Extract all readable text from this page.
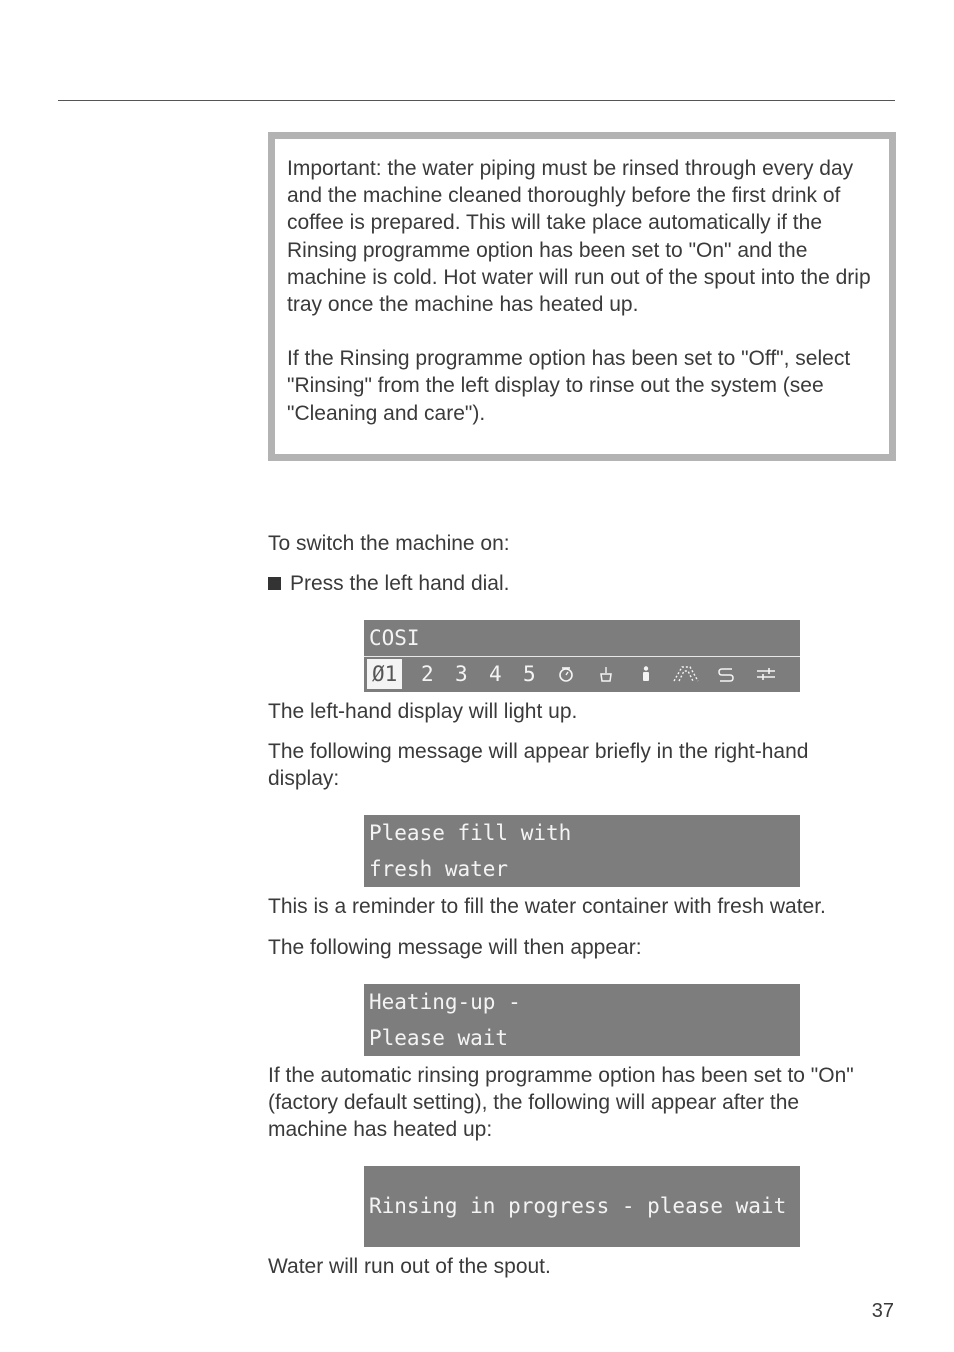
Important: the water piping must be rinsed through every day and the machine cleaned thoroughly before the first drink of coffee is prepared. This will take place automatically if the Rinsing programme option has been set to "On" and the machine is cold. Hot water will run out of the spout into the drip tray once the machine has heated up.

If the Rinsing programme option has been set to "Off", select "Rinsing" from the left display to rinse out the system (see "Cleaning and care").

To switch the machine on:

Press the left hand dial.
COSI
Ø1	2	3	4	5

The left-hand display will light up.

The following message will appear briefly in the right-hand display:

Please fill with
fresh water

This is a reminder to fill the water container with fresh water.

The following message will then appear:

Heating-up -
Please wait

If the automatic rinsing programme option has been set to "On" (factory default setting), the following will appear after the machine has heated up:

Rinsing in progress - please wait

Water will run out of the spout.

37
